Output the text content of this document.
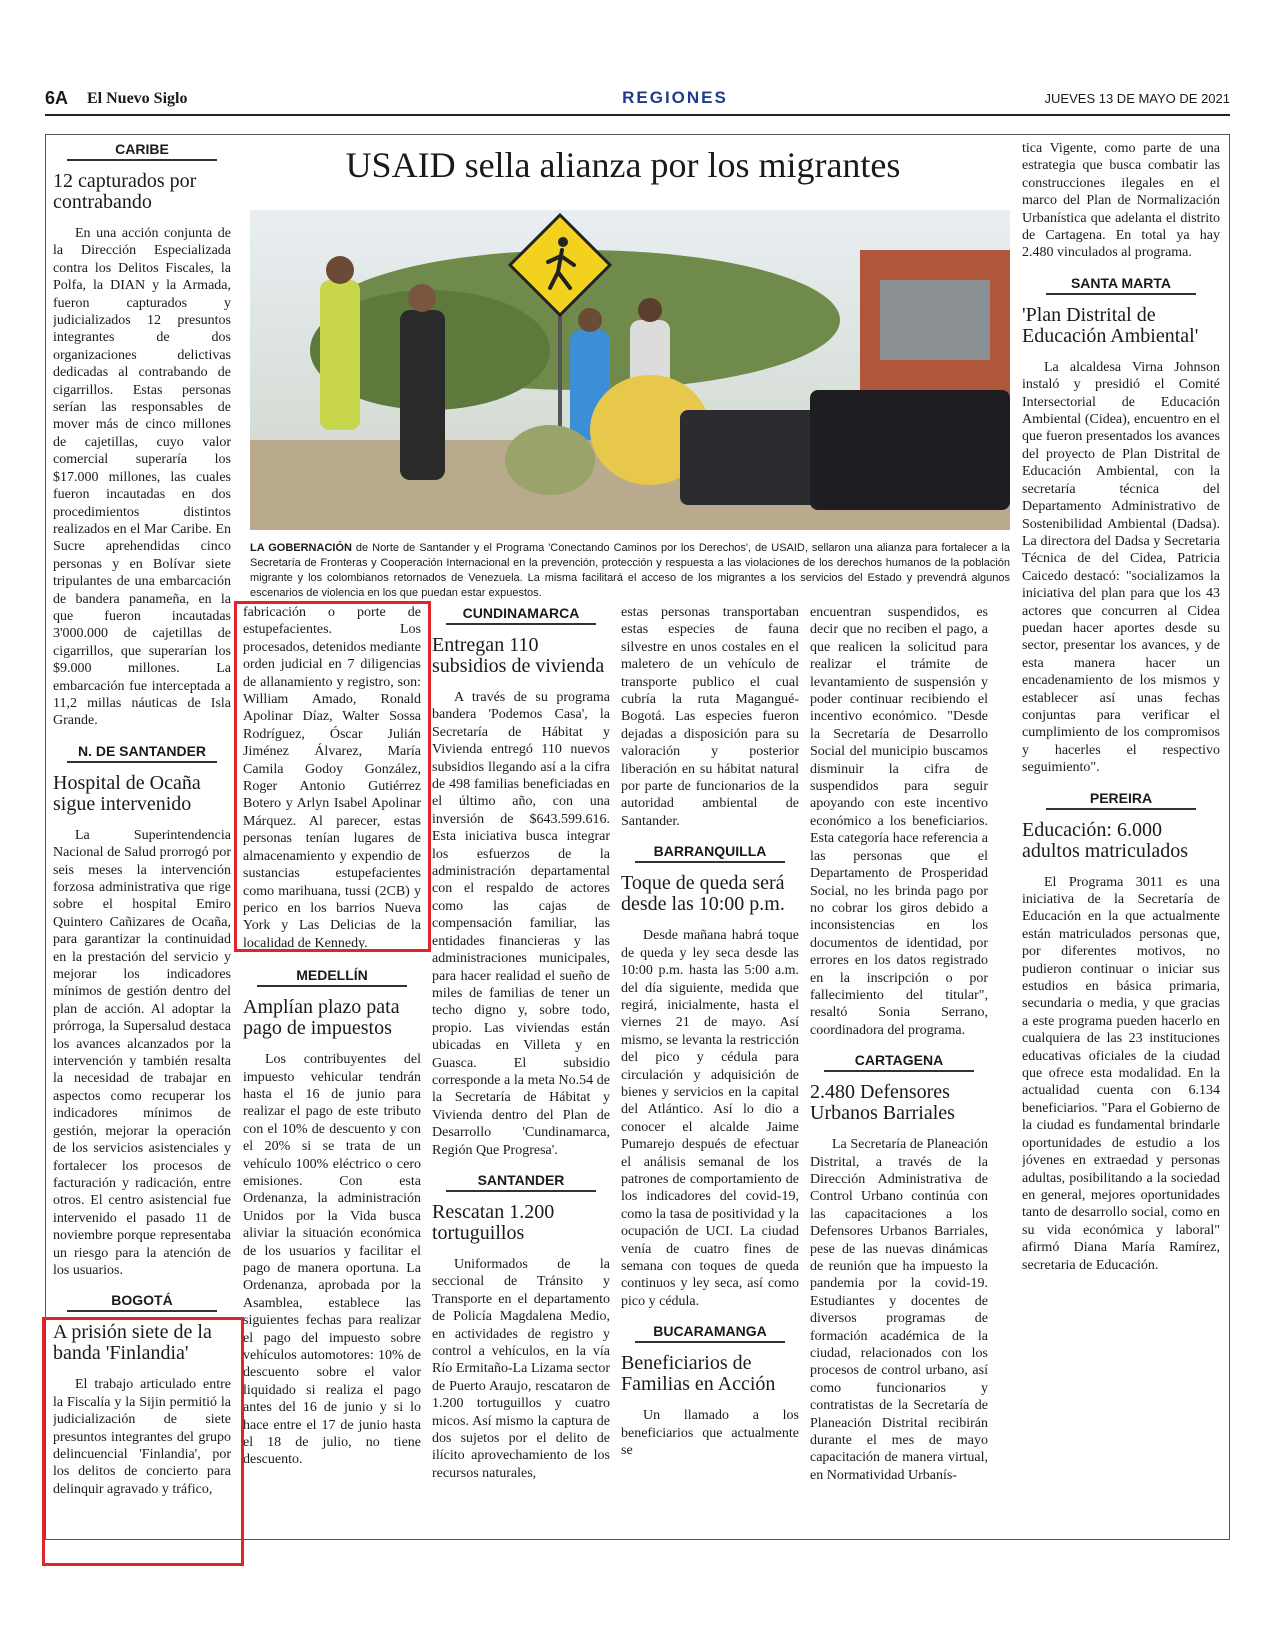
6A El Nuevo Siglo	REGIONES	JUEVES 13 DE MAYO DE 2021
CARIBE
12 capturados por contrabando

En una acción conjunta de la Dirección Especializada contra los Delitos Fiscales, la Polfa, la DIAN y la Armada, fueron capturados y judicializados 12 presuntos integrantes de dos organizaciones delictivas dedicadas al contrabando de cigarrillos. Estas personas serían las responsables de mover más de cinco millones de cajetillas, cuyo valor comercial superaría los $17.000 millones, las cuales fueron incautadas en dos procedimientos distintos realizados en el Mar Caribe. En Sucre aprehendidas cinco personas y en Bolívar siete tripulantes de una embarcación de bandera panameña, en la que fueron incautadas 3'000.000 de cajetillas de cigarrillos, que superarían los $9.000 millones. La embarcación fue interceptada a 11,2 millas náuticas de Isla Grande.

N. DE SANTANDER
Hospital de Ocaña sigue intervenido

La Superintendencia Nacional de Salud prorrogó por seis meses la intervención forzosa administrativa que rige sobre el hospital Emiro Quintero Cañizares de Ocaña, para garantizar la continuidad en la prestación del servicio y mejorar los indicadores mínimos de gestión dentro del plan de acción. Al adoptar la prórroga, la Supersalud destaca los avances alcanzados por la intervención y también resalta la necesidad de trabajar en aspectos como recuperar los indicadores mínimos de gestión, mejorar la operación de los servicios asistenciales y fortalecer los procesos de facturación y radicación, entre otros. El centro asistencial fue intervenido el pasado 11 de noviembre porque representaba un riesgo para la atención de los usuarios.

BOGOTÁ
A prisión siete de la banda 'Finlandia'

El trabajo articulado entre la Fiscalía y la Sijin permitió la judicialización de siete presuntos integrantes del grupo delincuencial 'Finlandia', por los delitos de concierto para delinquir agravado y tráfico,

USAID sella alianza por los migrantes
LA GOBERNACIÓN de Norte de Santander y el Programa 'Conectando Caminos por los Derechos', de USAID, sellaron una alianza para fortalecer a la Secretaría de Fronteras y Cooperación Internacional en la prevención, protección y respuesta a las violaciones de los derechos humanos de la población migrante y los colombianos retornados de Venezuela. La misma facilitará el acceso de los migrantes a los servicios del Estado y prevendrá algunos escenarios de violencia en los que puedan estar expuestos.

fabricación o porte de estupefacientes. Los procesados, detenidos mediante orden judicial en 7 diligencias de allanamiento y registro, son: William Amado, Ronald Apolinar Díaz, Walter Sossa Rodríguez, Óscar Julián Jiménez Álvarez, María Camila Godoy González, Roger Antonio Gutiérrez Botero y Arlyn Isabel Apolinar Márquez. Al parecer, estas personas tenían lugares de almacenamiento y expendio de sustancias estupefacientes como marihuana, tussi (2CB) y perico en los barrios Nueva York y Las Delicias de la localidad de Kennedy.

MEDELLÍN
Amplían plazo pata pago de impuestos

Los contribuyentes del impuesto vehicular tendrán hasta el 16 de junio para realizar el pago de este tributo con el 10% de descuento y con el 20% si se trata de un vehículo 100% eléctrico o cero emisiones. Con esta Ordenanza, la administración Unidos por la Vida busca aliviar la situación económica de los usuarios y facilitar el pago de manera oportuna. La Ordenanza, aprobada por la Asamblea, establece las siguientes fechas para realizar el pago del impuesto sobre vehículos automotores: 10% de descuento sobre el valor liquidado si realiza el pago antes del 16 de junio y si lo hace entre el 17 de junio hasta el 18 de julio, no tiene descuento.

CUNDINAMARCA
Entregan 110 subsidios de vivienda

A través de su programa bandera 'Podemos Casa', la Secretaría de Hábitat y Vivienda entregó 110 nuevos subsidios llegando así a la cifra de 498 familias beneficiadas en el último año, con una inversión de $643.599.616. Esta iniciativa busca integrar los esfuerzos de la administración departamental con el respaldo de actores como las cajas de compensación familiar, las entidades financieras y las administraciones municipales, para hacer realidad el sueño de miles de familias de tener un techo digno y, sobre todo, propio. Las viviendas están ubicadas en Villeta y en Guasca. El subsidio corresponde a la meta No.54 de la Secretaría de Hábitat y Vivienda dentro del Plan de Desarrollo 'Cundinamarca, Región Que Progresa'.

SANTANDER
Rescatan 1.200 tortuguillos

Uniformados de la seccional de Tránsito y Transporte en el departamento de Policía Magdalena Medio, en actividades de registro y control a vehículos, en la vía Río Ermitaño-La Lizama sector de Puerto Araujo, rescataron de 1.200 tortuguillos y cuatro micos. Así mismo la captura de dos sujetos por el delito de ilícito aprovechamiento de los recursos naturales,

estas personas transportaban estas especies de fauna silvestre en unos costales en el maletero de un vehículo de transporte publico el cual cubría la ruta Magangué-Bogotá. Las especies fueron dejadas a disposición para su valoración y posterior liberación en su hábitat natural por parte de funcionarios de la autoridad ambiental de Santander.

BARRANQUILLA
Toque de queda será desde las 10:00 p.m.

Desde mañana habrá toque de queda y ley seca desde las 10:00 p.m. hasta las 5:00 a.m. del día siguiente, medida que regirá, inicialmente, hasta el viernes 21 de mayo. Así mismo, se levanta la restricción del pico y cédula para circulación y adquisición de bienes y servicios en la capital del Atlántico. Así lo dio a conocer el alcalde Jaime Pumarejo después de efectuar el análisis semanal de los patrones de comportamiento de los indicadores del covid-19, como la tasa de positividad y la ocupación de UCI. La ciudad venía de cuatro fines de semana con toques de queda continuos y ley seca, así como pico y cédula.

BUCARAMANGA
Beneficiarios de Familias en Acción

Un llamado a los beneficiarios que actualmente se

encuentran suspendidos, es decir que no reciben el pago, a que realicen la solicitud para realizar el trámite de levantamiento de suspensión y poder continuar recibiendo el incentivo económico. "Desde la Secretaría de Desarrollo Social del municipio buscamos disminuir la cifra de suspendidos para seguir apoyando con este incentivo económico a los beneficiarios. Esta categoría hace referencia a las personas que el Departamento de Prosperidad Social, no les brinda pago por no cobrar los giros debido a inconsistencias en los documentos de identidad, por errores en los datos registrado en la inscripción o por fallecimiento del titular", resaltó Sonia Serrano, coordinadora del programa.

CARTAGENA
2.480 Defensores Urbanos Barriales

La Secretaría de Planeación Distrital, a través de la Dirección Administrativa de Control Urbano continúa con las capacitaciones a los Defensores Urbanos Barriales, pese de las nuevas dinámicas de reunión que ha impuesto la pandemia por la covid-19. Estudiantes y docentes de diversos programas de formación académica de la ciudad, relacionados con los procesos de control urbano, así como funcionarios y contratistas de la Secretaría de Planeación Distrital recibirán durante el mes de mayo capacitación de manera virtual, en Normatividad Urbanís-

tica Vigente, como parte de una estrategia que busca combatir las construcciones ilegales en el marco del Plan de Normalización Urbanística que adelanta el distrito de Cartagena. En total ya hay 2.480 vinculados al programa.

SANTA MARTA
'Plan Distrital de Educación Ambiental'

La alcaldesa Virna Johnson instaló y presidió el Comité Intersectorial de Educación Ambiental (Cidea), encuentro en el que fueron presentados los avances del proyecto de Plan Distrital de Educación Ambiental, con la secretaría técnica del Departamento Administrativo de Sostenibilidad Ambiental (Dadsa). La directora del Dadsa y Secretaria Técnica de del Cidea, Patricia Caicedo destacó: "socializamos la iniciativa del plan para que los 43 actores que concurren al Cidea puedan hacer aportes desde su sector, presentar los avances, y de esta manera hacer un encadenamiento de los mismos y establecer así unas fechas conjuntas para verificar el cumplimiento de los compromisos y hacerles el respectivo seguimiento".

PEREIRA
Educación: 6.000 adultos matriculados

El Programa 3011 es una iniciativa de la Secretaría de Educación en la que actualmente están matriculados personas que, por diferentes motivos, no pudieron continuar o iniciar sus estudios en básica primaria, secundaria o media, y que gracias a este programa pueden hacerlo en cualquiera de las 23 instituciones educativas oficiales de la ciudad que ofrece esta modalidad. En la actualidad cuenta con 6.134 beneficiarios. "Para el Gobierno de la ciudad es fundamental brindarle oportunidades de estudio a los jóvenes en extraedad y personas adultas, posibilitando a la sociedad en general, mejores oportunidades tanto de desarrollo social, como en su vida económica y laboral" afirmó Diana María Ramírez, secretaria de Educación.
